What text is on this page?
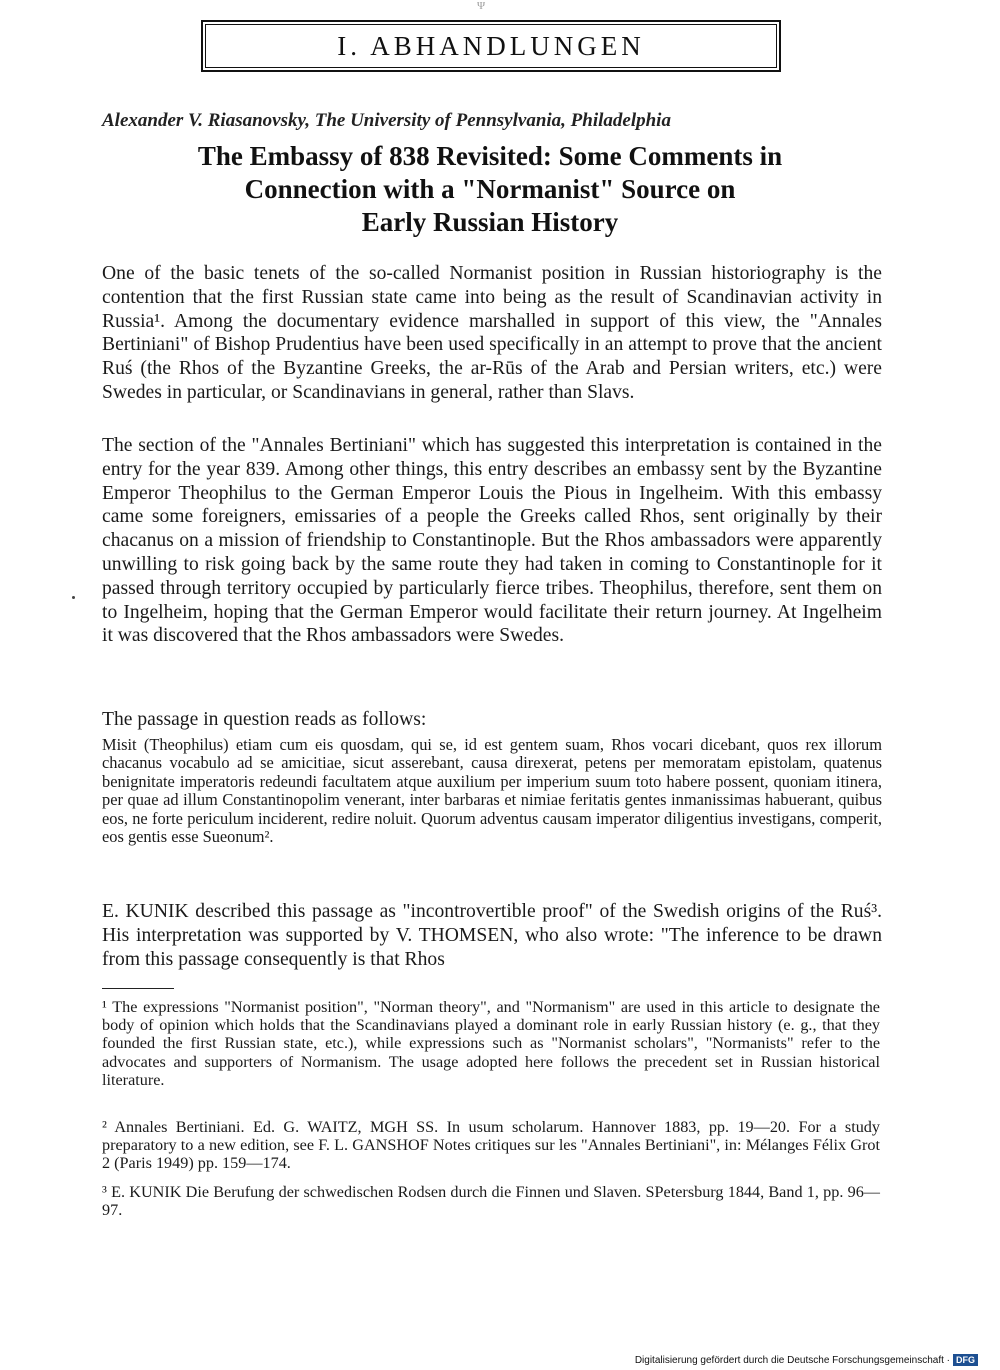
Ψ
I. ABHANDLUNGEN
Alexander V. Riasanovsky, The University of Pennsylvania, Philadelphia
The Embassy of 838 Revisited: Some Comments in
Connection with a "Normanist" Source on
Early Russian History

One of the basic tenets of the so-called Normanist position in Russian historiography is the contention that the first Russian state came into being as the result of Scandinavian activity in Russia¹. Among the documentary evidence marshalled in support of this view, the "Annales Bertiniani" of Bishop Prudentius have been used specifically in an attempt to prove that the ancient Ruś (the Rhos of the Byzantine Greeks, the ar-Rūs of the Arab and Persian writers, etc.) were Swedes in particular, or Scandinavians in general, rather than Slavs.

The section of the "Annales Bertiniani" which has suggested this interpretation is contained in the entry for the year 839. Among other things, this entry describes an embassy sent by the Byzantine Emperor Theophilus to the German Emperor Louis the Pious in Ingelheim. With this embassy came some foreigners, emissaries of a people the Greeks called Rhos, sent originally by their chacanus on a mission of friendship to Constantinople. But the Rhos ambassadors were apparently unwilling to risk going back by the same route they had taken in coming to Constantinople for it passed through territory occupied by particularly fierce tribes. Theophilus, therefore, sent them on to Ingelheim, hoping that the German Emperor would facilitate their return journey. At Ingelheim it was discovered that the Rhos ambassadors were Swedes.

The passage in question reads as follows:

Misit (Theophilus) etiam cum eis quosdam, qui se, id est gentem suam, Rhos vocari dicebant, quos rex illorum chacanus vocabulo ad se amicitiae, sicut asserebant, causa direxerat, petens per memoratam epistolam, quatenus benignitate imperatoris redeundi facultatem atque auxilium per imperium suum toto habere possent, quoniam itinera, per quae ad illum Constantinopolim venerant, inter barbaras et nimiae feritatis gentes inmanissimas habuerant, quibus eos, ne forte periculum inciderent, redire noluit. Quorum adventus causam imperator diligentius investigans, comperit, eos gentis esse Sueonum².

E. KUNIK described this passage as "incontrovertible proof" of the Swedish origins of the Ruś³. His interpretation was supported by V. THOMSEN, who also wrote: "The inference to be drawn from this passage consequently is that Rhos

¹ The expressions "Normanist position", "Norman theory", and "Normanism" are used in this article to designate the body of opinion which holds that the Scandinavians played a dominant role in early Russian history (e. g., that they founded the first Russian state, etc.), while expressions such as "Normanist scholars", "Normanists" refer to the advocates and supporters of Normanism. The usage adopted here follows the precedent set in Russian historical literature.

² Annales Bertiniani. Ed. G. WAITZ, MGH SS. In usum scholarum. Hannover 1883, pp. 19—20. For a study preparatory to a new edition, see F. L. GANSHOF Notes critiques sur les "Annales Bertiniani", in: Mélanges Félix Grot 2 (Paris 1949) pp. 159—174.

³ E. KUNIK Die Berufung der schwedischen Rodsen durch die Finnen und Slaven. SPetersburg 1844, Band 1, pp. 96—97.

Digitalisierung gefördert durch die Deutsche Forschungsgemeinschaft · DFG
